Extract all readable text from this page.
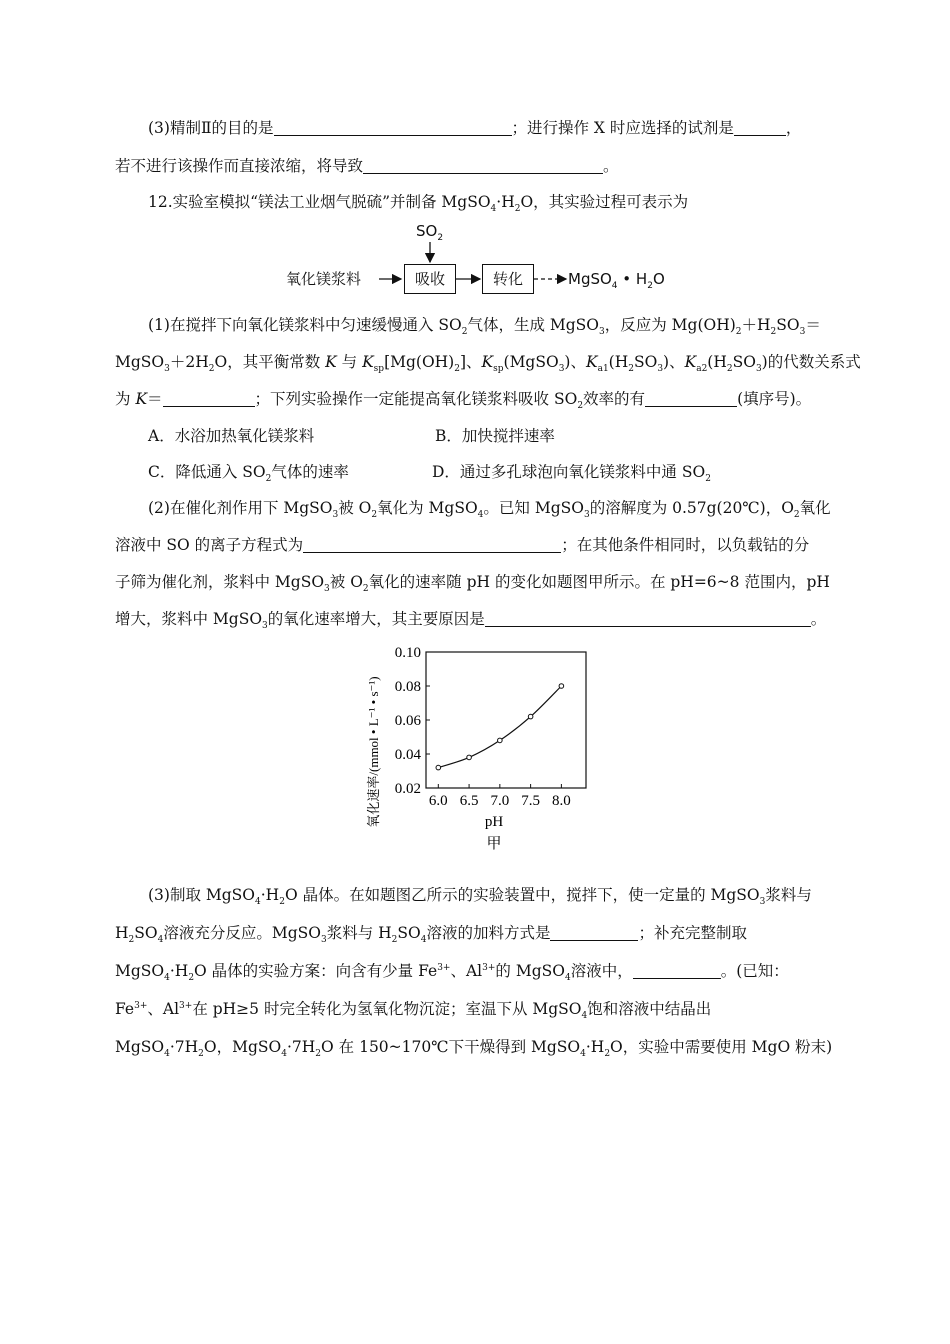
(3)精制Ⅱ的目的是	；进行操作 X 时应选择的试剂是	，
若不进行该操作而直接浓缩，将导致	。
12.实验室模拟“镁法工业烟气脱硫”并制备 $MgSO_4\cdot H_2O$，其实验过程可表示为
$SO_2$
氧化镁浆料	吸收	转化	MgSO$_4$ • $H_2O$
(1)在搅拌下向氧化镁浆料中匀速缓慢通入 $SO_2$气体，生成 MgSO$_3$，反应为 $Mg(OH)_2+H_2SO_3=$
$MgSO_3+2H_2O$，其平衡常数 K 与 $K_{sp}[Mg(OH)_2]$、$K_{sp}(MgSO_3)$、$K_{a1}(H_2SO_3)$、$K_{a2}(H_2SO_3)$的代数关系式
为 K＝	；下列实验操作一定能提高氧化镁浆料吸收 $SO_2$效率的有	(填序号)。
A．水浴加热氧化镁浆料	B．加快搅拌速率
C．降低通入 $SO_2$气体的速率	D．通过多孔球泡向氧化镁浆料中通 $SO_2$
(2)在催化剂作用下 MgSO$_3$被 $O_2$氧化为 MgSO$_4$。已知 MgSO$_3$的溶解度为 0.57g(20℃)，$O_2$氧化
溶液中 SO 的离子方程式为	；在其他条件相同时，以负载钴的分
子筛为催化剂，浆料中 MgSO$_3$被 $O_2$氧化的速率随 pH 的变化如题图甲所示。在 pH=6~8 范围内，pH
增大，浆料中 MgSO$_3$的氧化速率增大，其主要原因是	。
0.02
0.04
0.06
0.08
0.10
6.0 6.5 7.0 7.5 8.0
pH
甲
氧化速率/(mmol • L⁻¹ • s⁻¹)
(3)制取 $MgSO_4\cdot H_2O$ 晶体。在如题图乙所示的实验装置中，搅拌下，使一定量的 MgSO$_3$浆料与
$H_2SO_4$溶液充分反应。MgSO$_3$浆料与 $H_2SO_4$溶液的加料方式是	；补充完整制取
$MgSO_4\cdot H_2O$ 晶体的实验方案：向含有少量 $Fe^{3+}$、$Al^{3+}$的 MgSO$_4$溶液中，	。(已知：
$Fe^{3+}$、$Al^{3+}$在 pH≥5 时完全转化为氢氧化物沉淀；室温下从 MgSO$_4$饱和溶液中结晶出
$MgSO_4\cdot 7H_2O$，$MgSO_4\cdot 7H_2O$ 在 150~170℃下干燥得到 $MgSO_4\cdot H_2O$，实验中需要使用 MgO 粉末)
